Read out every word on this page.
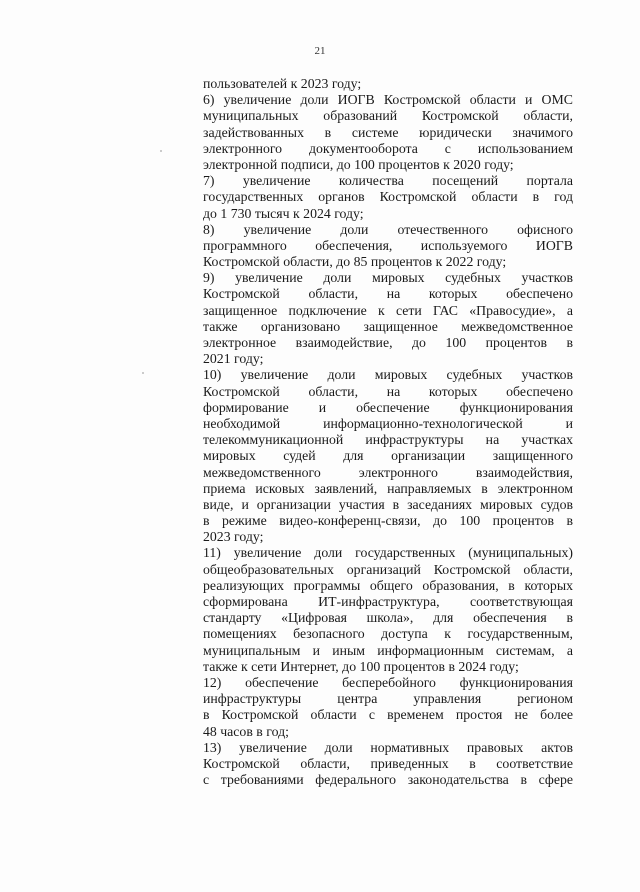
21
пользователей к 2023 году;
6) увеличение доли ИОГВ Костромской области и ОМС
муниципальных образований Костромской области,
задействованных в системе юридически значимого
электронного документооборота с использованием
электронной подписи, до 100 процентов к 2020 году;
7) увеличение количества посещений портала
государственных органов Костромской области в год
до 1 730 тысяч к 2024 году;
8) увеличение доли отечественного офисного
программного обеспечения, используемого ИОГВ
Костромской области, до 85 процентов к 2022 году;
9) увеличение доли мировых судебных участков
Костромской области, на которых обеспечено
защищенное подключение к сети ГАС «Правосудие», а
также организовано защищенное межведомственное
электронное взаимодействие, до 100 процентов в
2021 году;
10) увеличение доли мировых судебных участков
Костромской области, на которых обеспечено
формирование и обеспечение функционирования
необходимой информационно-технологической и
телекоммуникационной инфраструктуры на участках
мировых судей для организации защищенного
межведомственного электронного взаимодействия,
приема исковых заявлений, направляемых в электронном
виде, и организации участия в заседаниях мировых судов
в режиме видео-конференц-связи, до 100 процентов в
2023 году;
11) увеличение доли государственных (муниципальных)
общеобразовательных организаций Костромской области,
реализующих программы общего образования, в которых
сформирована ИТ-инфраструктура, соответствующая
стандарту «Цифровая школа», для обеспечения в
помещениях безопасного доступа к государственным,
муниципальным и иным информационным системам, а
также к сети Интернет, до 100 процентов в 2024 году;
12) обеспечение бесперебойного функционирования
инфраструктуры центра управления регионом
в Костромской области с временем простоя не более
48 часов в год;
13) увеличение доли нормативных правовых актов
Костромской области, приведенных в соответствие
с требованиями федерального законодательства в сфере
